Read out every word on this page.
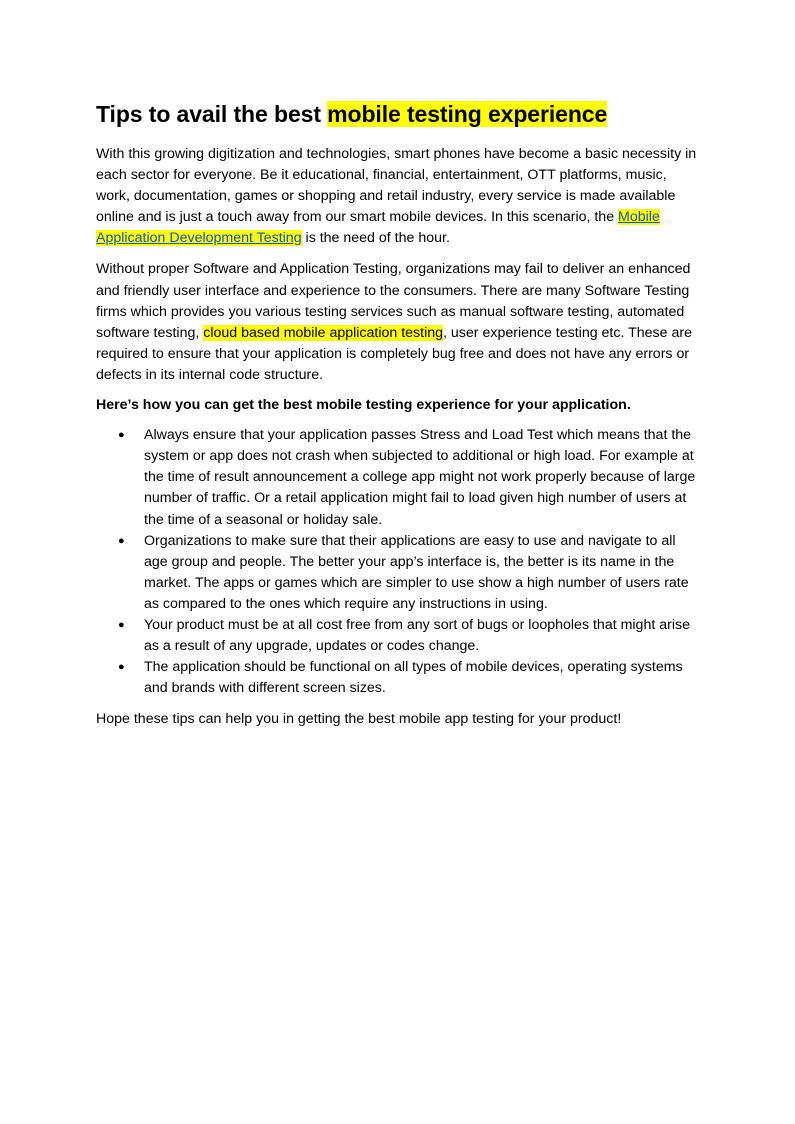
Tips to avail the best mobile testing experience

With this growing digitization and technologies, smart phones have become a basic necessity in each sector for everyone. Be it educational, financial, entertainment, OTT platforms, music, work, documentation, games or shopping and retail industry, every service is made available online and is just a touch away from our smart mobile devices. In this scenario, the Mobile Application Development Testing is the need of the hour.

Without proper Software and Application Testing, organizations may fail to deliver an enhanced and friendly user interface and experience to the consumers. There are many Software Testing firms which provides you various testing services such as manual software testing, automated software testing, cloud based mobile application testing, user experience testing etc. These are required to ensure that your application is completely bug free and does not have any errors or defects in its internal code structure.

Here’s how you can get the best mobile testing experience for your application.

● Always ensure that your application passes Stress and Load Test which means that the system or app does not crash when subjected to additional or high load. For example at the time of result announcement a college app might not work properly because of large number of traffic. Or a retail application might fail to load given high number of users at the time of a seasonal or holiday sale.
● Organizations to make sure that their applications are easy to use and navigate to all age group and people. The better your app’s interface is, the better is its name in the market. The apps or games which are simpler to use show a high number of users rate as compared to the ones which require any instructions in using.
● Your product must be at all cost free from any sort of bugs or loopholes that might arise as a result of any upgrade, updates or codes change.
● The application should be functional on all types of mobile devices, operating systems and brands with different screen sizes.

Hope these tips can help you in getting the best mobile app testing for your product!
